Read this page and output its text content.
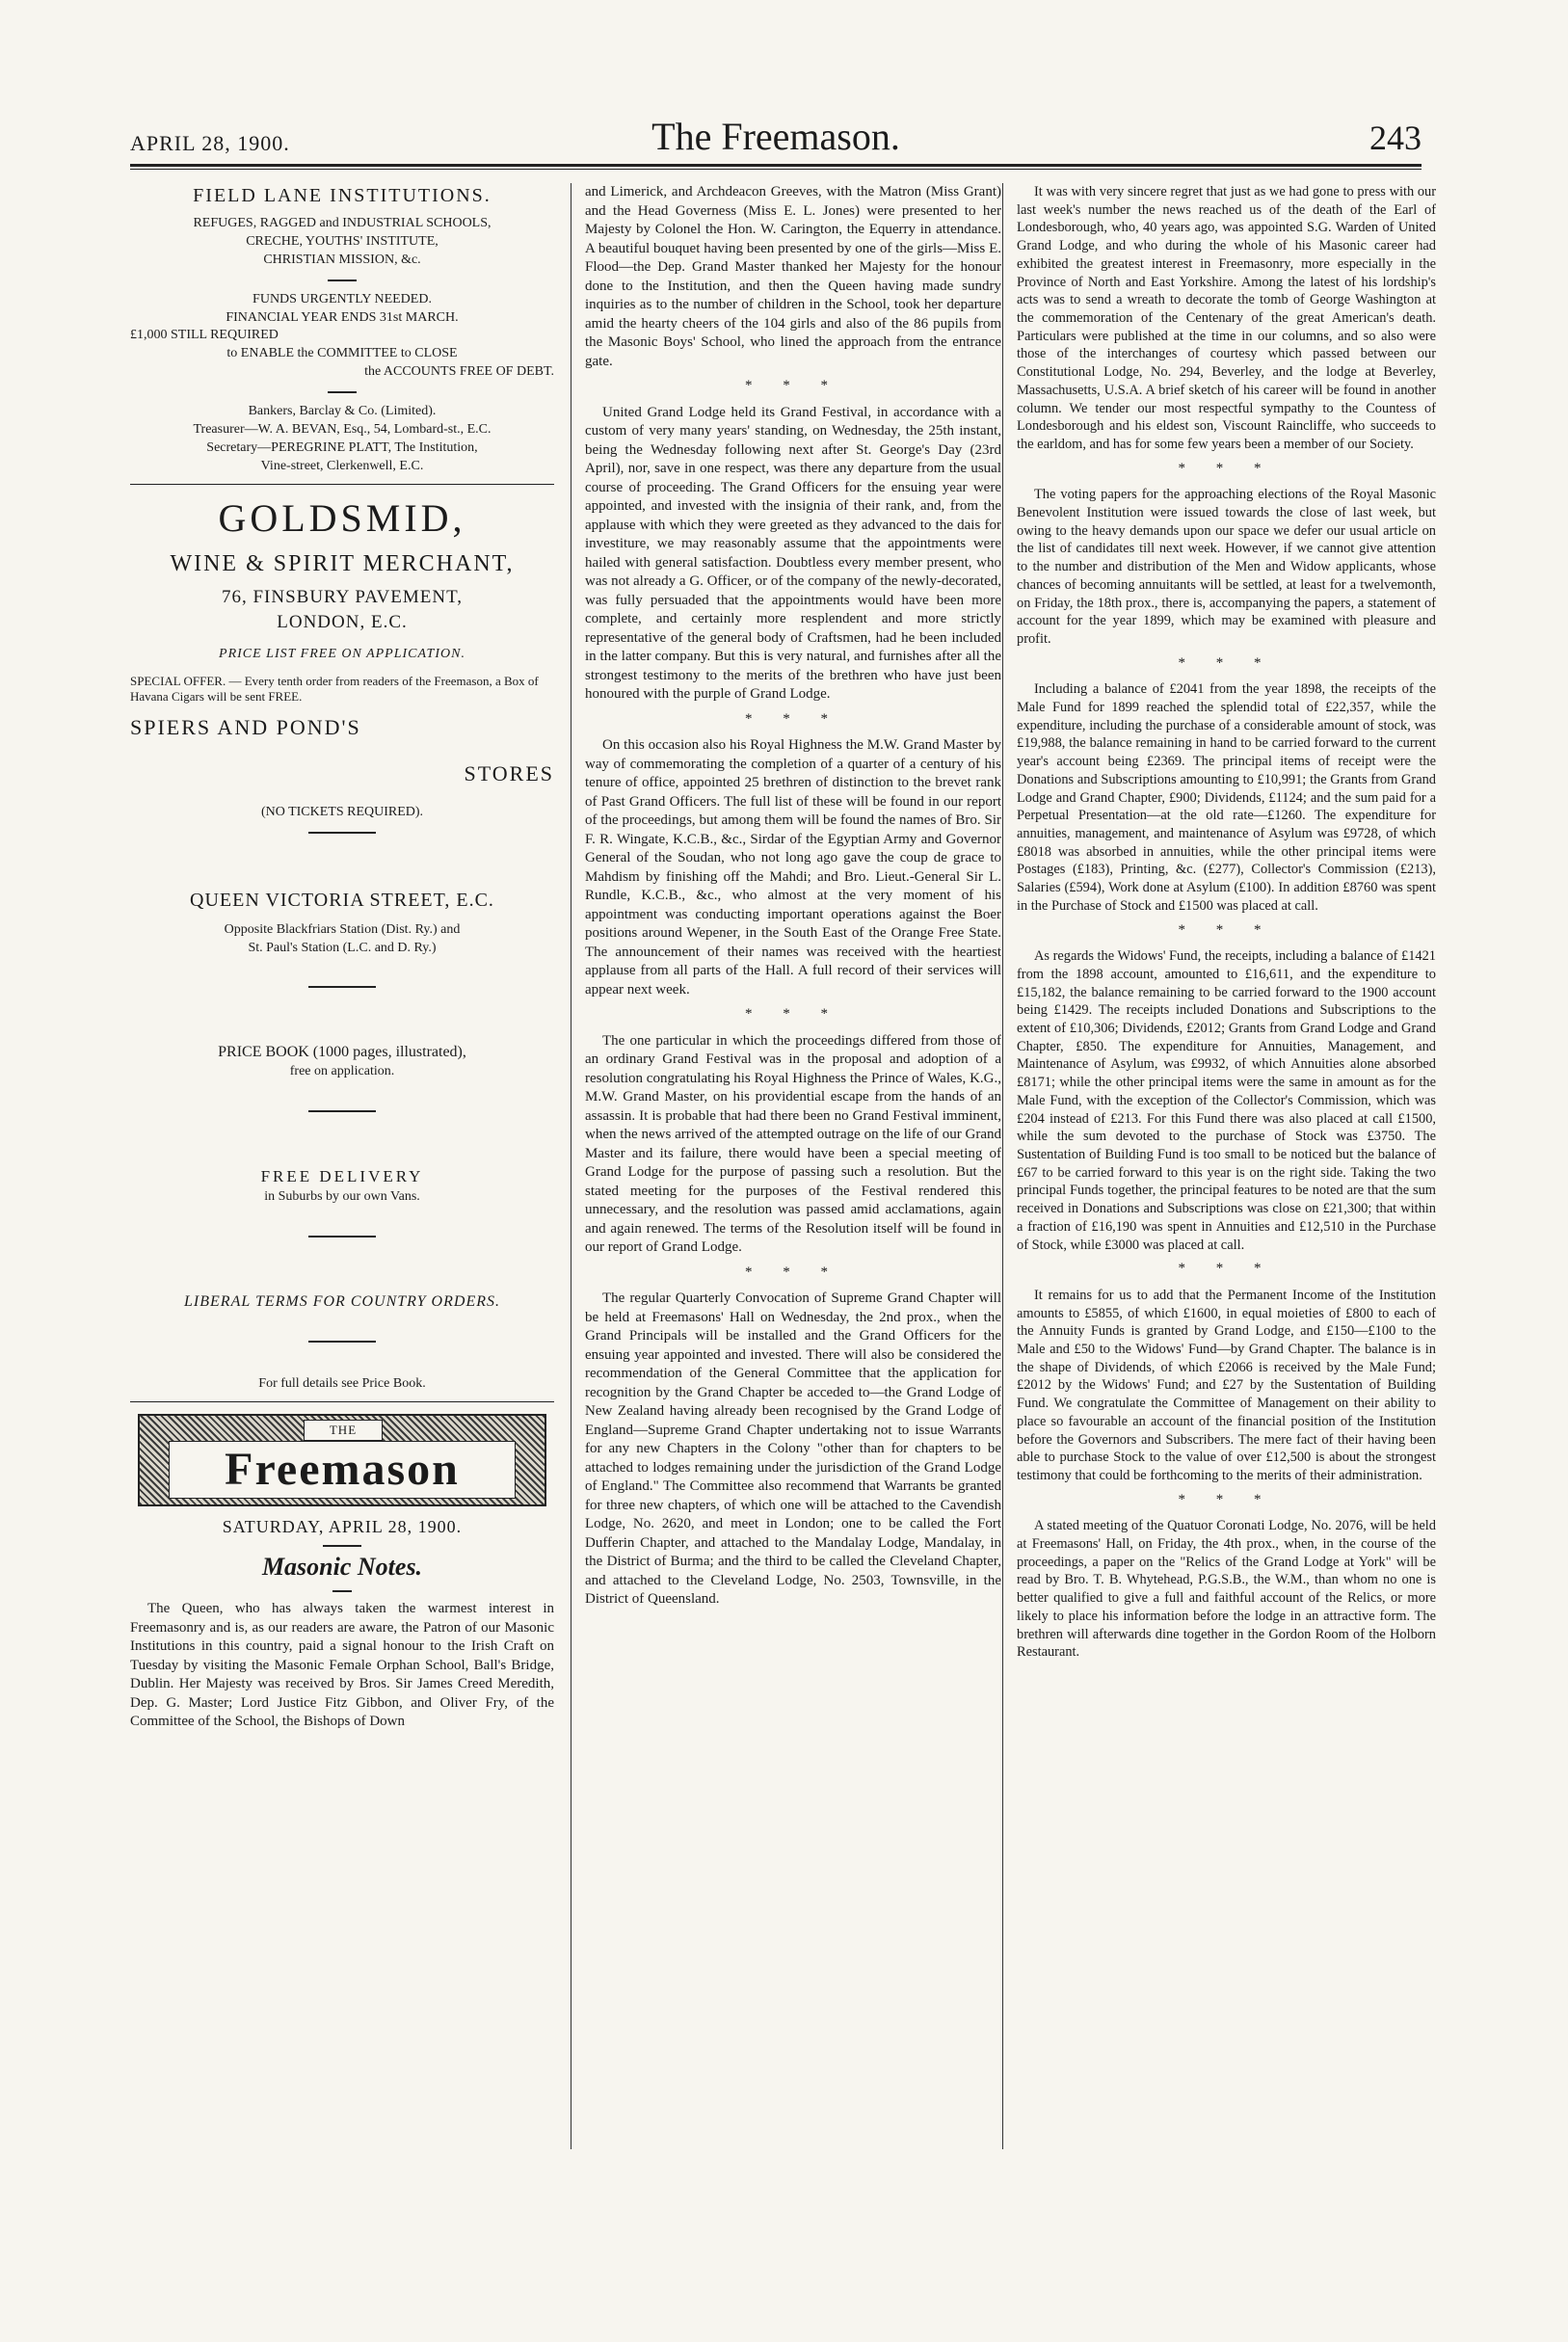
APRIL 28, 1900.	The Freemason.	243
FIELD LANE INSTITUTIONS.
REFUGES, RAGGED and INDUSTRIAL SCHOOLS,
CRECHE, YOUTHS' INSTITUTE,
CHRISTIAN MISSION, &c.
FUNDS URGENTLY NEEDED.
FINANCIAL YEAR ENDS 31st MARCH.
£1,000 STILL REQUIRED
to ENABLE the COMMITTEE to CLOSE
the ACCOUNTS FREE OF DEBT.
Bankers, Barclay & Co. (Limited).
Treasurer—W. A. BEVAN, Esq., 54, Lombard-st., E.C.
Secretary—PEREGRINE PLATT, The Institution,
Vine-street, Clerkenwell, E.C.
GOLDSMID,
WINE & SPIRIT MERCHANT,
76, FINSBURY PAVEMENT,
LONDON, E.C.
PRICE LIST FREE ON APPLICATION.
SPECIAL OFFER. — Every tenth order from readers of the Freemason, a Box of Havana Cigars will be sent FREE.
SPIERS AND POND'S
STORES
(NO TICKETS REQUIRED).
QUEEN VICTORIA STREET, E.C.
Opposite Blackfriars Station (Dist. Ry.) and
St. Paul's Station (L.C. and D. Ry.)
PRICE BOOK (1000 pages, illustrated),
free on application.
FREE DELIVERY
in Suburbs by our own Vans.
LIBERAL TERMS FOR COUNTRY ORDERS.
For full details see Price Book.
THE
Freemason
SATURDAY, APRIL 28, 1900.
Masonic Notes.

The Queen, who has always taken the warmest interest in Freemasonry and is, as our readers are aware, the Patron of our Masonic Institutions in this country, paid a signal honour to the Irish Craft on Tuesday by visiting the Masonic Female Orphan School, Ball's Bridge, Dublin. Her Majesty was received by Bros. Sir James Creed Meredith, Dep. G. Master; Lord Justice Fitz Gibbon, and Oliver Fry, of the Committee of the School, the Bishops of Down

and Limerick, and Archdeacon Greeves, with the Matron (Miss Grant) and the Head Governess (Miss E. L. Jones) were presented to her Majesty by Colonel the Hon. W. Carington, the Equerry in attendance. A beautiful bouquet having been presented by one of the girls—Miss E. Flood—the Dep. Grand Master thanked her Majesty for the honour done to the Institution, and then the Queen having made sundry inquiries as to the number of children in the School, took her departure amid the hearty cheers of the 104 girls and also of the 86 pupils from the Masonic Boys' School, who lined the approach from the entrance gate.

* * *

United Grand Lodge held its Grand Festival, in accordance with a custom of very many years' standing, on Wednesday, the 25th instant, being the Wednesday following next after St. George's Day (23rd April), nor, save in one respect, was there any departure from the usual course of proceeding. The Grand Officers for the ensuing year were appointed, and invested with the insignia of their rank, and, from the applause with which they were greeted as they advanced to the dais for investiture, we may reasonably assume that the appointments were hailed with general satisfaction. Doubtless every member present, who was not already a G. Officer, or of the company of the newly-decorated, was fully persuaded that the appointments would have been more complete, and certainly more resplendent and more strictly representative of the general body of Craftsmen, had he been included in the latter company. But this is very natural, and furnishes after all the strongest testimony to the merits of the brethren who have just been honoured with the purple of Grand Lodge.

* * *

On this occasion also his Royal Highness the M.W. Grand Master by way of commemorating the completion of a quarter of a century of his tenure of office, appointed 25 brethren of distinction to the brevet rank of Past Grand Officers. The full list of these will be found in our report of the proceedings, but among them will be found the names of Bro. Sir F. R. Wingate, K.C.B., &c., Sirdar of the Egyptian Army and Governor General of the Soudan, who not long ago gave the coup de grace to Mahdism by finishing off the Mahdi; and Bro. Lieut.-General Sir L. Rundle, K.C.B., &c., who almost at the very moment of his appointment was conducting important operations against the Boer positions around Wepener, in the South East of the Orange Free State. The announcement of their names was received with the heartiest applause from all parts of the Hall. A full record of their services will appear next week.

* * *

The one particular in which the proceedings differed from those of an ordinary Grand Festival was in the proposal and adoption of a resolution congratulating his Royal Highness the Prince of Wales, K.G., M.W. Grand Master, on his providential escape from the hands of an assassin. It is probable that had there been no Grand Festival imminent, when the news arrived of the attempted outrage on the life of our Grand Master and its failure, there would have been a special meeting of Grand Lodge for the purpose of passing such a resolution. But the stated meeting for the purposes of the Festival rendered this unnecessary, and the resolution was passed amid acclamations, again and again renewed. The terms of the Resolution itself will be found in our report of Grand Lodge.

* * *

The regular Quarterly Convocation of Supreme Grand Chapter will be held at Freemasons' Hall on Wednesday, the 2nd prox., when the Grand Principals will be installed and the Grand Officers for the ensuing year appointed and invested. There will also be considered the recommendation of the General Committee that the application for recognition by the Grand Chapter be acceded to—the Grand Lodge of New Zealand having already been recognised by the Grand Lodge of England—Supreme Grand Chapter undertaking not to issue Warrants for any new Chapters in the Colony "other than for chapters to be attached to lodges remaining under the jurisdiction of the Grand Lodge of England." The Committee also recommend that Warrants be granted for three new chapters, of which one will be attached to the Cavendish Lodge, No. 2620, and meet in London; one to be called the Fort Dufferin Chapter, and attached to the Mandalay Lodge, Mandalay, in the District of Burma; and the third to be called the Cleveland Chapter, and attached to the Cleveland Lodge, No. 2503, Townsville, in the District of Queensland.

It was with very sincere regret that just as we had gone to press with our last week's number the news reached us of the death of the Earl of Londesborough, who, 40 years ago, was appointed S.G. Warden of United Grand Lodge, and who during the whole of his Masonic career had exhibited the greatest interest in Freemasonry, more especially in the Province of North and East Yorkshire. Among the latest of his lordship's acts was to send a wreath to decorate the tomb of George Washington at the commemoration of the Centenary of the great American's death. Particulars were published at the time in our columns, and so also were those of the interchanges of courtesy which passed between our Constitutional Lodge, No. 294, Beverley, and the lodge at Beverley, Massachusetts, U.S.A. A brief sketch of his career will be found in another column. We tender our most respectful sympathy to the Countess of Londesborough and his eldest son, Viscount Raincliffe, who succeeds to the earldom, and has for some few years been a member of our Society.

* * *

The voting papers for the approaching elections of the Royal Masonic Benevolent Institution were issued towards the close of last week, but owing to the heavy demands upon our space we defer our usual article on the list of candidates till next week. However, if we cannot give attention to the number and distribution of the Men and Widow applicants, whose chances of becoming annuitants will be settled, at least for a twelvemonth, on Friday, the 18th prox., there is, accompanying the papers, a statement of account for the year 1899, which may be examined with pleasure and profit.

* * *

Including a balance of £2041 from the year 1898, the receipts of the Male Fund for 1899 reached the splendid total of £22,357, while the expenditure, including the purchase of a considerable amount of stock, was £19,988, the balance remaining in hand to be carried forward to the current year's account being £2369. The principal items of receipt were the Donations and Subscriptions amounting to £10,991; the Grants from Grand Lodge and Grand Chapter, £900; Dividends, £1124; and the sum paid for a Perpetual Presentation—at the old rate—£1260. The expenditure for annuities, management, and maintenance of Asylum was £9728, of which £8018 was absorbed in annuities, while the other principal items were Postages (£183), Printing, &c. (£277), Collector's Commission (£213), Salaries (£594), Work done at Asylum (£100). In addition £8760 was spent in the Purchase of Stock and £1500 was placed at call.

* * *

As regards the Widows' Fund, the receipts, including a balance of £1421 from the 1898 account, amounted to £16,611, and the expenditure to £15,182, the balance remaining to be carried forward to the 1900 account being £1429. The receipts included Donations and Subscriptions to the extent of £10,306; Dividends, £2012; Grants from Grand Lodge and Grand Chapter, £850. The expenditure for Annuities, Management, and Maintenance of Asylum, was £9932, of which Annuities alone absorbed £8171; while the other principal items were the same in amount as for the Male Fund, with the exception of the Collector's Commission, which was £204 instead of £213. For this Fund there was also placed at call £1500, while the sum devoted to the purchase of Stock was £3750. The Sustentation of Building Fund is too small to be noticed but the balance of £67 to be carried forward to this year is on the right side. Taking the two principal Funds together, the principal features to be noted are that the sum received in Donations and Subscriptions was close on £21,300; that within a fraction of £16,190 was spent in Annuities and £12,510 in the Purchase of Stock, while £3000 was placed at call.

* * *

It remains for us to add that the Permanent Income of the Institution amounts to £5855, of which £1600, in equal moieties of £800 to each of the Annuity Funds is granted by Grand Lodge, and £150—£100 to the Male and £50 to the Widows' Fund—by Grand Chapter. The balance is in the shape of Dividends, of which £2066 is received by the Male Fund; £2012 by the Widows' Fund; and £27 by the Sustentation of Building Fund. We congratulate the Committee of Management on their ability to place so favourable an account of the financial position of the Institution before the Governors and Subscribers. The mere fact of their having been able to purchase Stock to the value of over £12,500 is about the strongest testimony that could be forthcoming to the merits of their administration.

* * *

A stated meeting of the Quatuor Coronati Lodge, No. 2076, will be held at Freemasons' Hall, on Friday, the 4th prox., when, in the course of the proceedings, a paper on the "Relics of the Grand Lodge at York" will be read by Bro. T. B. Whytehead, P.G.S.B., the W.M., than whom no one is better qualified to give a full and faithful account of the Relics, or more likely to place his information before the lodge in an attractive form. The brethren will afterwards dine together in the Gordon Room of the Holborn Restaurant.
